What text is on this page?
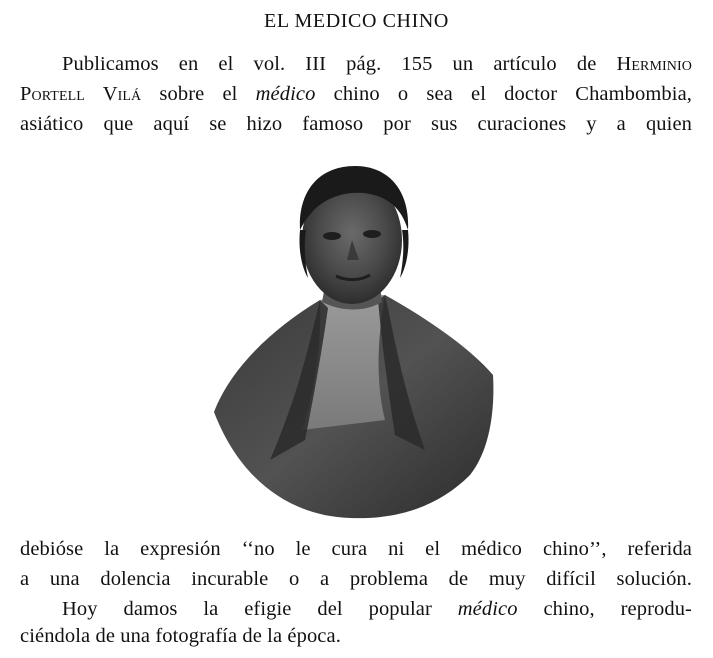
EL MEDICO CHINO
Publicamos en el vol. III pág. 155 un artículo de Herminio
Portell Vilá sobre el médico chino o sea el doctor Chambombia,
asiático que aquí se hizo famoso por sus curaciones y a quien
debióse la expresión ‘‘no le cura ni el médico chino’’, referida
a una dolencia incurable o a problema de muy difícil solución.
Hoy damos la efigie del popular médico chino, reprodu-
ciéndola de una fotografía de la época.
